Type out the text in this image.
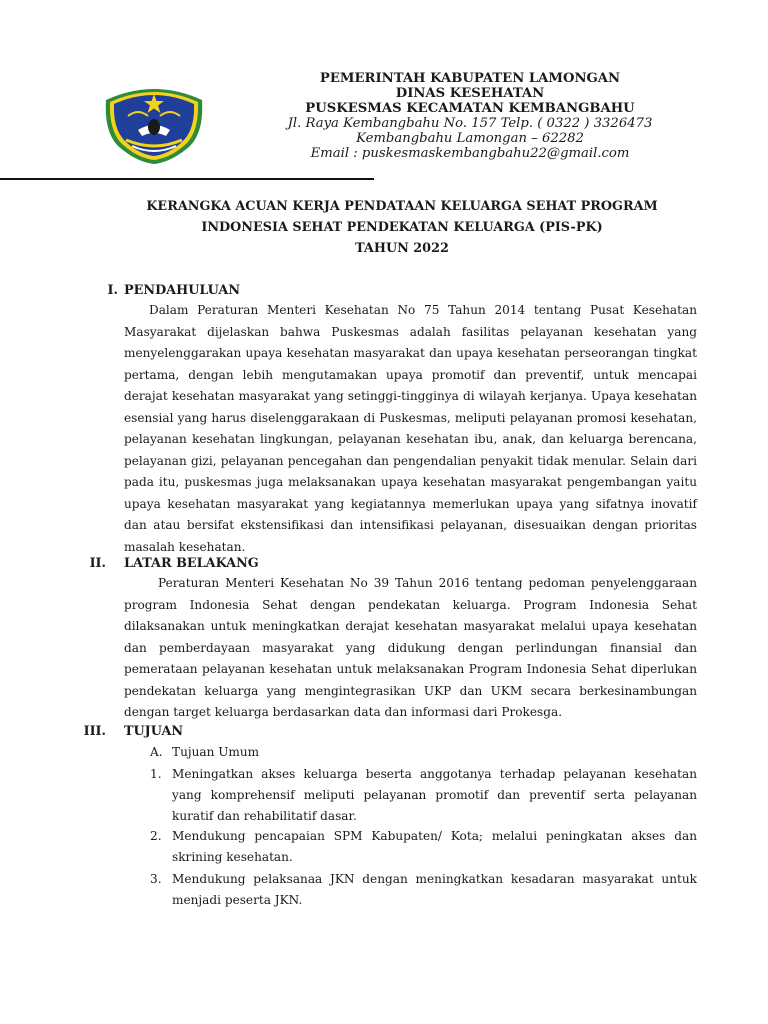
PEMERINTAH KABUPATEN LAMONGAN
DINAS KESEHATAN
PUSKESMAS KECAMATAN KEMBANGBAHU
Jl. Raya Kembangbahu No. 157 Telp. ( 0322 ) 3326473
Kembangbahu Lamongan – 62282
Email : puskesmaskembangbahu22@gmail.com
KERANGKA ACUAN KERJA PENDATAAN KELUARGA SEHAT PROGRAM
INDONESIA SEHAT PENDEKATAN KELUARGA (PIS-PK)
TAHUN 2022
I. PENDAHULUAN

Dalam Peraturan Menteri Kesehatan No 75 Tahun 2014 tentang Pusat Kesehatan Masyarakat dijelaskan bahwa Puskesmas adalah fasilitas pelayanan kesehatan yang menyelenggarakan upaya kesehatan masyarakat dan upaya kesehatan perseorangan tingkat pertama, dengan lebih mengutamakan upaya promotif dan preventif, untuk mencapai derajat kesehatan masyarakat yang setinggi-tingginya di wilayah kerjanya. Upaya kesehatan esensial yang harus diselenggarakaan di Puskesmas, meliputi pelayanan promosi kesehatan, pelayanan kesehatan lingkungan, pelayanan kesehatan ibu, anak, dan keluarga berencana, pelayanan gizi, pelayanan pencegahan dan pengendalian penyakit tidak menular. Selain dari pada itu, puskesmas juga melaksanakan upaya kesehatan masyarakat pengembangan yaitu upaya kesehatan masyarakat yang kegiatannya memerlukan upaya yang sifatnya inovatif dan atau bersifat ekstensifikasi dan intensifikasi pelayanan, disesuaikan dengan prioritas masalah kesehatan.

II. LATAR BELAKANG

Peraturan Menteri Kesehatan No 39 Tahun 2016 tentang pedoman penyelenggaraan program Indonesia Sehat dengan pendekatan keluarga. Program Indonesia Sehat dilaksanakan untuk meningkatkan derajat kesehatan masyarakat melalui upaya kesehatan dan pemberdayaan masyarakat yang didukung dengan perlindungan finansial dan pemerataan pelayanan kesehatan untuk melaksanakan Program Indonesia Sehat diperlukan pendekatan keluarga yang mengintegrasikan UKP dan UKM secara berkesinambungan dengan target keluarga berdasarkan data dan informasi dari Prokesga.

III. TUJUAN
A. Tujuan Umum
1. Meningatkan akses keluarga beserta anggotanya terhadap pelayanan kesehatan yang komprehensif meliputi pelayanan promotif dan preventif serta pelayanan kuratif dan rehabilitatif dasar.

2. Mendukung pencapaian SPM Kabupaten/ Kota; melalui peningkatan akses dan skrining kesehatan.

3. Mendukung pelaksanaa JKN dengan meningkatkan kesadaran masyarakat untuk menjadi peserta JKN.
